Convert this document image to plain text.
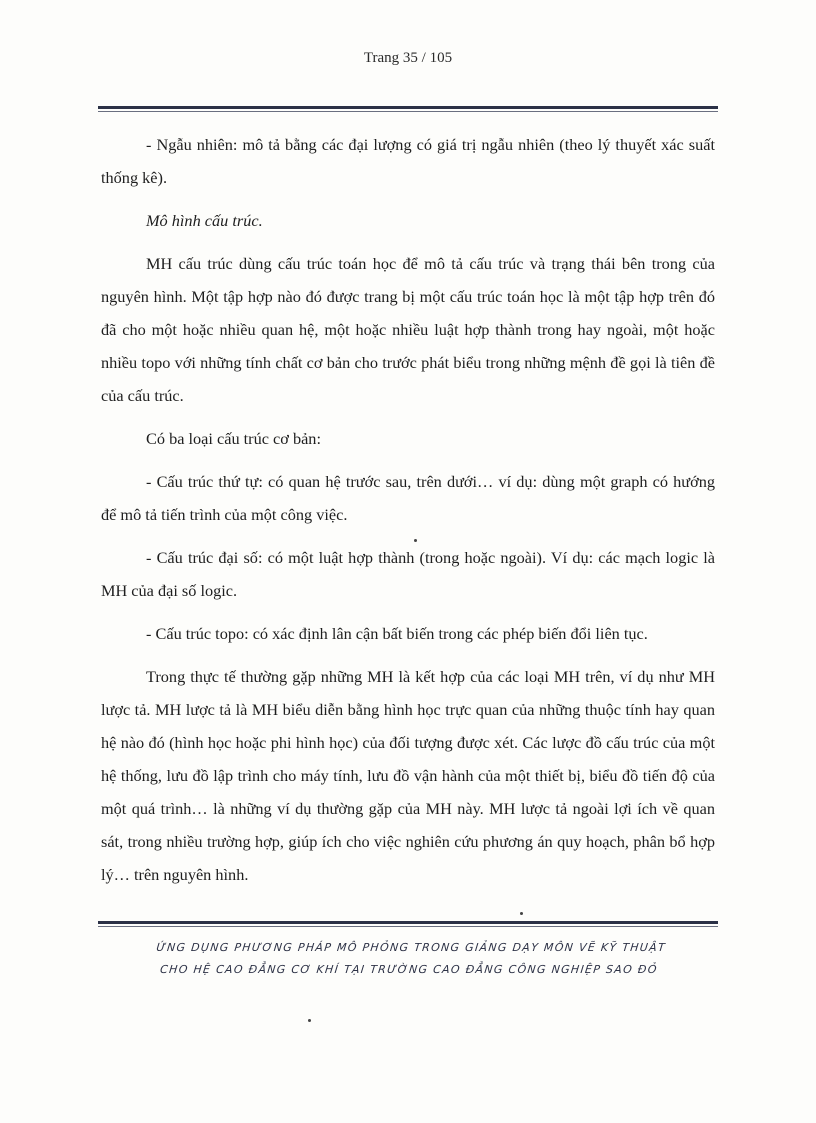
Trang 35 / 105

- Ngẫu nhiên: mô tả bằng các đại lượng có giá trị ngẫu nhiên (theo lý thuyết xác suất thống kê).

Mô hình cấu trúc.

MH cấu trúc dùng cấu trúc toán học để mô tả cấu trúc và trạng thái bên trong của nguyên hình. Một tập hợp nào đó được trang bị một cấu trúc toán học là một tập hợp trên đó đã cho một hoặc nhiều quan hệ, một hoặc nhiều luật hợp thành trong hay ngoài, một hoặc nhiều topo với những tính chất cơ bản cho trước phát biểu trong những mệnh đề gọi là tiên đề của cấu trúc.

Có ba loại cấu trúc cơ bản:

- Cấu trúc thứ tự: có quan hệ trước sau, trên dưới… ví dụ: dùng một graph có hướng để mô tả tiến trình của một công việc.

- Cấu trúc đại số: có một luật hợp thành (trong hoặc ngoài). Ví dụ: các mạch logic là MH của đại số logic.

- Cấu trúc topo: có xác định lân cận bất biến trong các phép biến đổi liên tục.

Trong thực tế thường gặp những MH là kết hợp của các loại MH trên, ví dụ như MH lược tả. MH lược tả là MH biểu diễn bằng hình học trực quan của những thuộc tính hay quan hệ nào đó (hình học hoặc phi hình học) của đối tượng được xét. Các lược đồ cấu trúc của một hệ thống, lưu đồ lập trình cho máy tính, lưu đồ vận hành của một thiết bị, biểu đồ tiến độ của một quá trình… là những ví dụ thường gặp của MH này. MH lược tả ngoài lợi ích về quan sát, trong nhiều trường hợp, giúp ích cho việc nghiên cứu phương án quy hoạch, phân bổ hợp lý… trên nguyên hình.

ỨNG DỤNG PHƯƠNG PHÁP MÔ PHỎNG TRONG GIẢNG DẠY MÔN VẼ KỸ THUẬT
CHO HỆ CAO ĐẲNG CƠ KHÍ TẠI TRƯỜNG CAO ĐẲNG CÔNG NGHIỆP SAO ĐỎ
